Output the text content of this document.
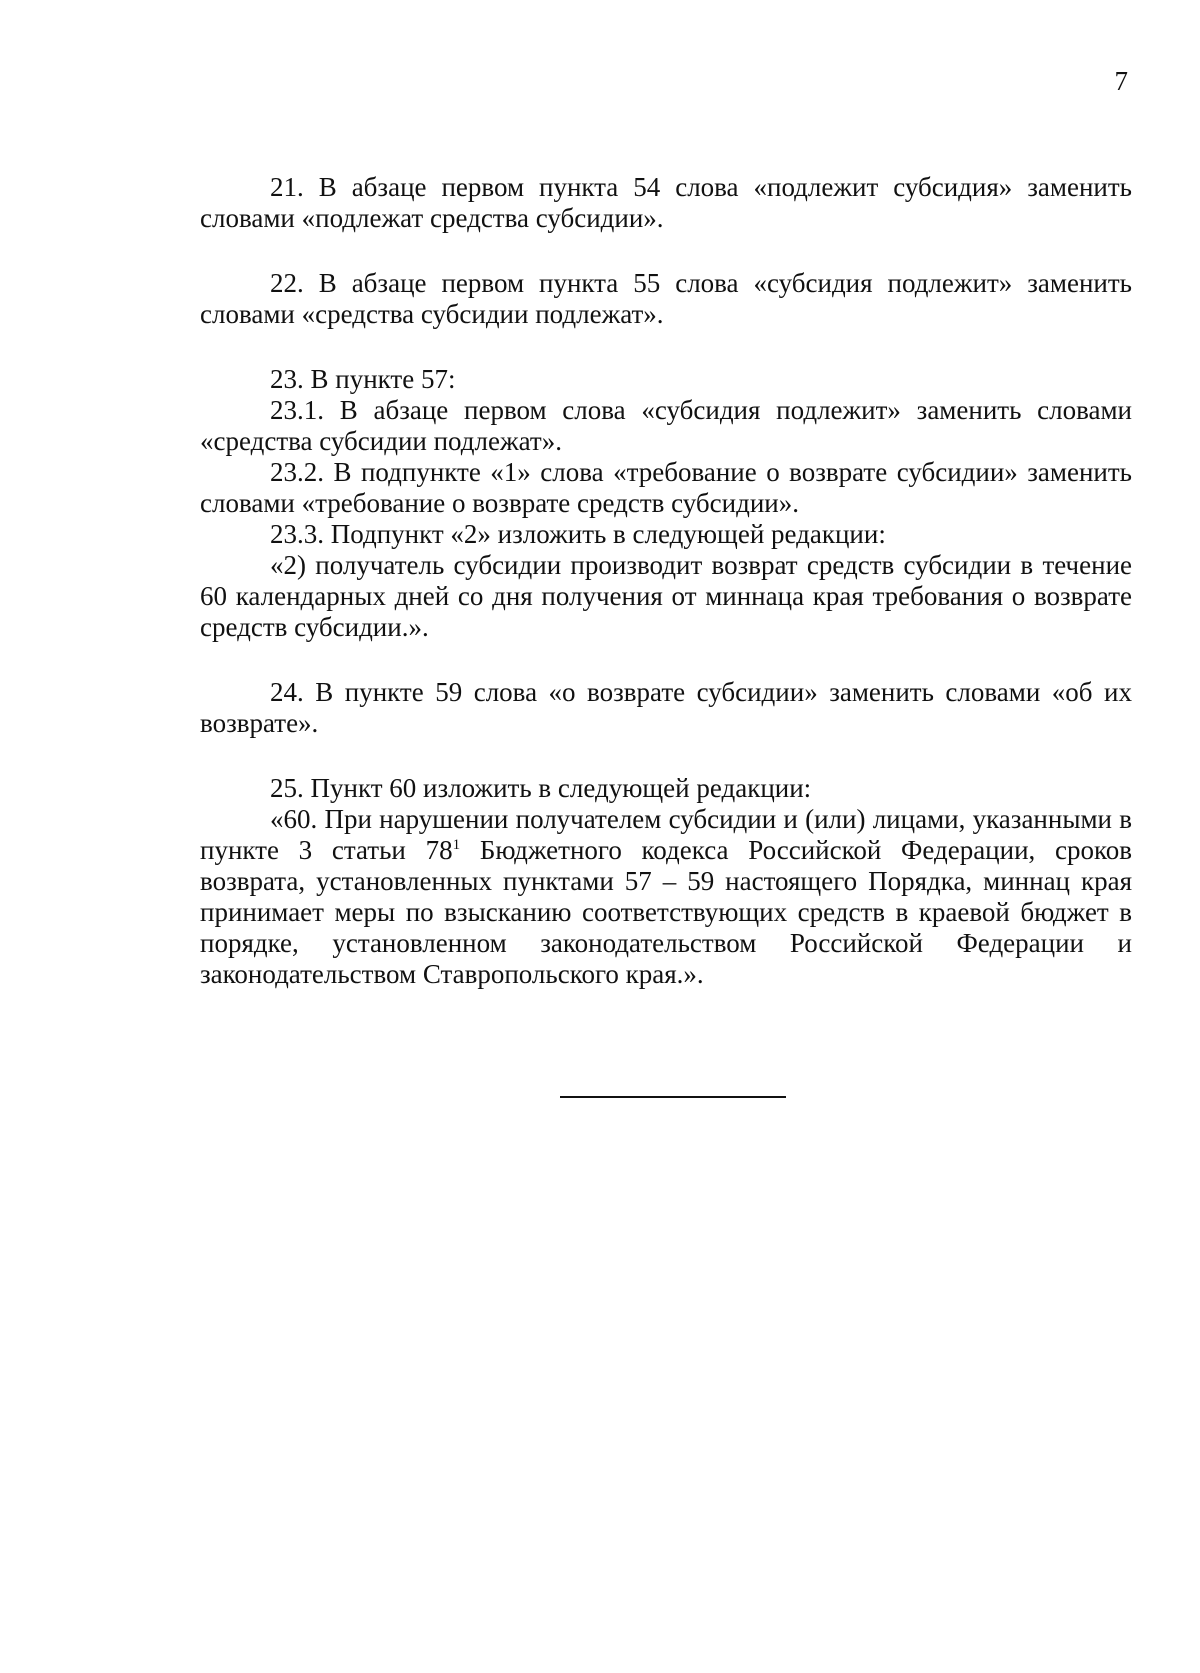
7

21. В абзаце первом пункта 54 слова «подлежит субсидия» заменить словами «подлежат средства субсидии».

22. В абзаце первом пункта 55 слова «субсидия подлежит» заменить словами «средства субсидии подлежат».

23. В пункте 57:

23.1. В абзаце первом слова «субсидия подлежит» заменить словами «средства субсидии подлежат».

23.2. В подпункте «1» слова «требование о возврате субсидии» заменить словами «требование о возврате средств субсидии».

23.3. Подпункт «2» изложить в следующей редакции:

«2) получатель субсидии производит возврат средств субсидии в течение 60 календарных дней со дня получения от миннаца края требования о возврате средств субсидии.».

24. В пункте 59 слова «о возврате субсидии» заменить словами «об их возврате».

25. Пункт 60 изложить в следующей редакции:

«60. При нарушении получателем субсидии и (или) лицами, указанными в пункте 3 статьи $78^1$ Бюджетного кодекса Российской Федерации, сроков возврата, установленных пунктами 57 – 59 настоящего Порядка, миннац края принимает меры по взысканию соответствующих средств в краевой бюджет в порядке, установленном законодательством Российской Федерации и законодательством Ставропольского края.».
